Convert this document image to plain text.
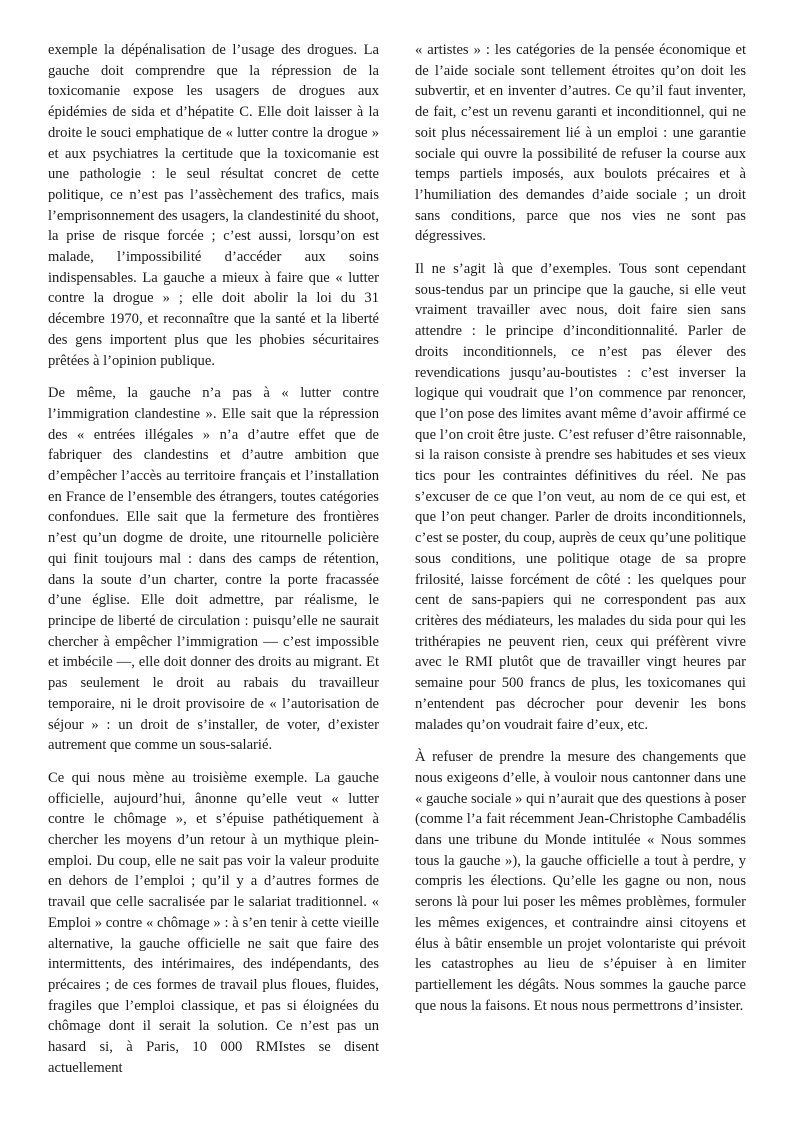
exemple la dépénalisation de l’usage des drogues. La gauche doit comprendre que la répression de la toxicomanie expose les usagers de drogues aux épidémies de sida et d’hépatite C. Elle doit laisser à la droite le souci emphatique de « lutter contre la drogue » et aux psychiatres la certitude que la toxicomanie est une pathologie : le seul résultat concret de cette politique, ce n’est pas l’assèchement des trafics, mais l’emprisonnement des usagers, la clandestinité du shoot, la prise de risque forcée ; c’est aussi, lorsqu’on est malade, l’impossibilité d’accéder aux soins indispensables. La gauche a mieux à faire que « lutter contre la drogue » ; elle doit abolir la loi du 31 décembre 1970, et reconnaître que la santé et la liberté des gens importent plus que les phobies sécuritaires prêtées à l’opinion publique.

De même, la gauche n’a pas à « lutter contre l’immigration clandestine ». Elle sait que la répression des « entrées illégales » n’a d’autre effet que de fabriquer des clandestins et d’autre ambition que d’empêcher l’accès au territoire français et l’installation en France de l’ensemble des étrangers, toutes catégories confondues. Elle sait que la fermeture des frontières n’est qu’un dogme de droite, une ritournelle policière qui finit toujours mal : dans des camps de rétention, dans la soute d’un charter, contre la porte fracassée d’une église. Elle doit admettre, par réalisme, le principe de liberté de circulation : puisqu’elle ne saurait chercher à empêcher l’immigration — c’est impossible et imbécile —, elle doit donner des droits au migrant. Et pas seulement le droit au rabais du travailleur temporaire, ni le droit provisoire de « l’autorisation de séjour » : un droit de s’installer, de voter, d’exister autrement que comme un sous-salarié.

Ce qui nous mène au troisième exemple. La gauche officielle, aujourd’hui, ânonne qu’elle veut « lutter contre le chômage », et s’épuise pathétiquement à chercher les moyens d’un retour à un mythique plein-emploi. Du coup, elle ne sait pas voir la valeur produite en dehors de l’emploi ; qu’il y a d’autres formes de travail que celle sacralisée par le salariat traditionnel. « Emploi » contre « chômage » : à s’en tenir à cette vieille alternative, la gauche officielle ne sait que faire des intermittents, des intérimaires, des indépendants, des précaires ; de ces formes de travail plus floues, fluides, fragiles que l’emploi classique, et pas si éloignées du chômage dont il serait la solution. Ce n’est pas un hasard si, à Paris, 10 000 RMIstes se disent actuellement

« artistes » : les catégories de la pensée économique et de l’aide sociale sont tellement étroites qu’on doit les subvertir, et en inventer d’autres. Ce qu’il faut inventer, de fait, c’est un revenu garanti et inconditionnel, qui ne soit plus nécessairement lié à un emploi : une garantie sociale qui ouvre la possibilité de refuser la course aux temps partiels imposés, aux boulots précaires et à l’humiliation des demandes d’aide sociale ; un droit sans conditions, parce que nos vies ne sont pas dégressives.

Il ne s’agit là que d’exemples. Tous sont cependant sous-tendus par un principe que la gauche, si elle veut vraiment travailler avec nous, doit faire sien sans attendre : le principe d’inconditionnalité. Parler de droits inconditionnels, ce n’est pas élever des revendications jusqu’au-boutistes : c’est inverser la logique qui voudrait que l’on commence par renoncer, que l’on pose des limites avant même d’avoir affirmé ce que l’on croit être juste. C’est refuser d’être raisonnable, si la raison consiste à prendre ses habitudes et ses vieux tics pour les contraintes définitives du réel. Ne pas s’excuser de ce que l’on veut, au nom de ce qui est, et que l’on peut changer. Parler de droits inconditionnels, c’est se poster, du coup, auprès de ceux qu’une politique sous conditions, une politique otage de sa propre frilosité, laisse forcément de côté : les quelques pour cent de sans-papiers qui ne correspondent pas aux critères des médiateurs, les malades du sida pour qui les trithérapies ne peuvent rien, ceux qui préfèrent vivre avec le RMI plutôt que de travailler vingt heures par semaine pour 500 francs de plus, les toxicomanes qui n’entendent pas décrocher pour devenir les bons malades qu’on voudrait faire d’eux, etc.

À refuser de prendre la mesure des changements que nous exigeons d’elle, à vouloir nous cantonner dans une « gauche sociale » qui n’aurait que des questions à poser (comme l’a fait récemment Jean-Christophe Cambadélis dans une tribune du Monde intitulée « Nous sommes tous la gauche »), la gauche officielle a tout à perdre, y compris les élections. Qu’elle les gagne ou non, nous serons là pour lui poser les mêmes problèmes, formuler les mêmes exigences, et contraindre ainsi citoyens et élus à bâtir ensemble un projet volontariste qui prévoit les catastrophes au lieu de s’épuiser à en limiter partiellement les dégâts. Nous sommes la gauche parce que nous la faisons. Et nous nous permettrons d’insister.
